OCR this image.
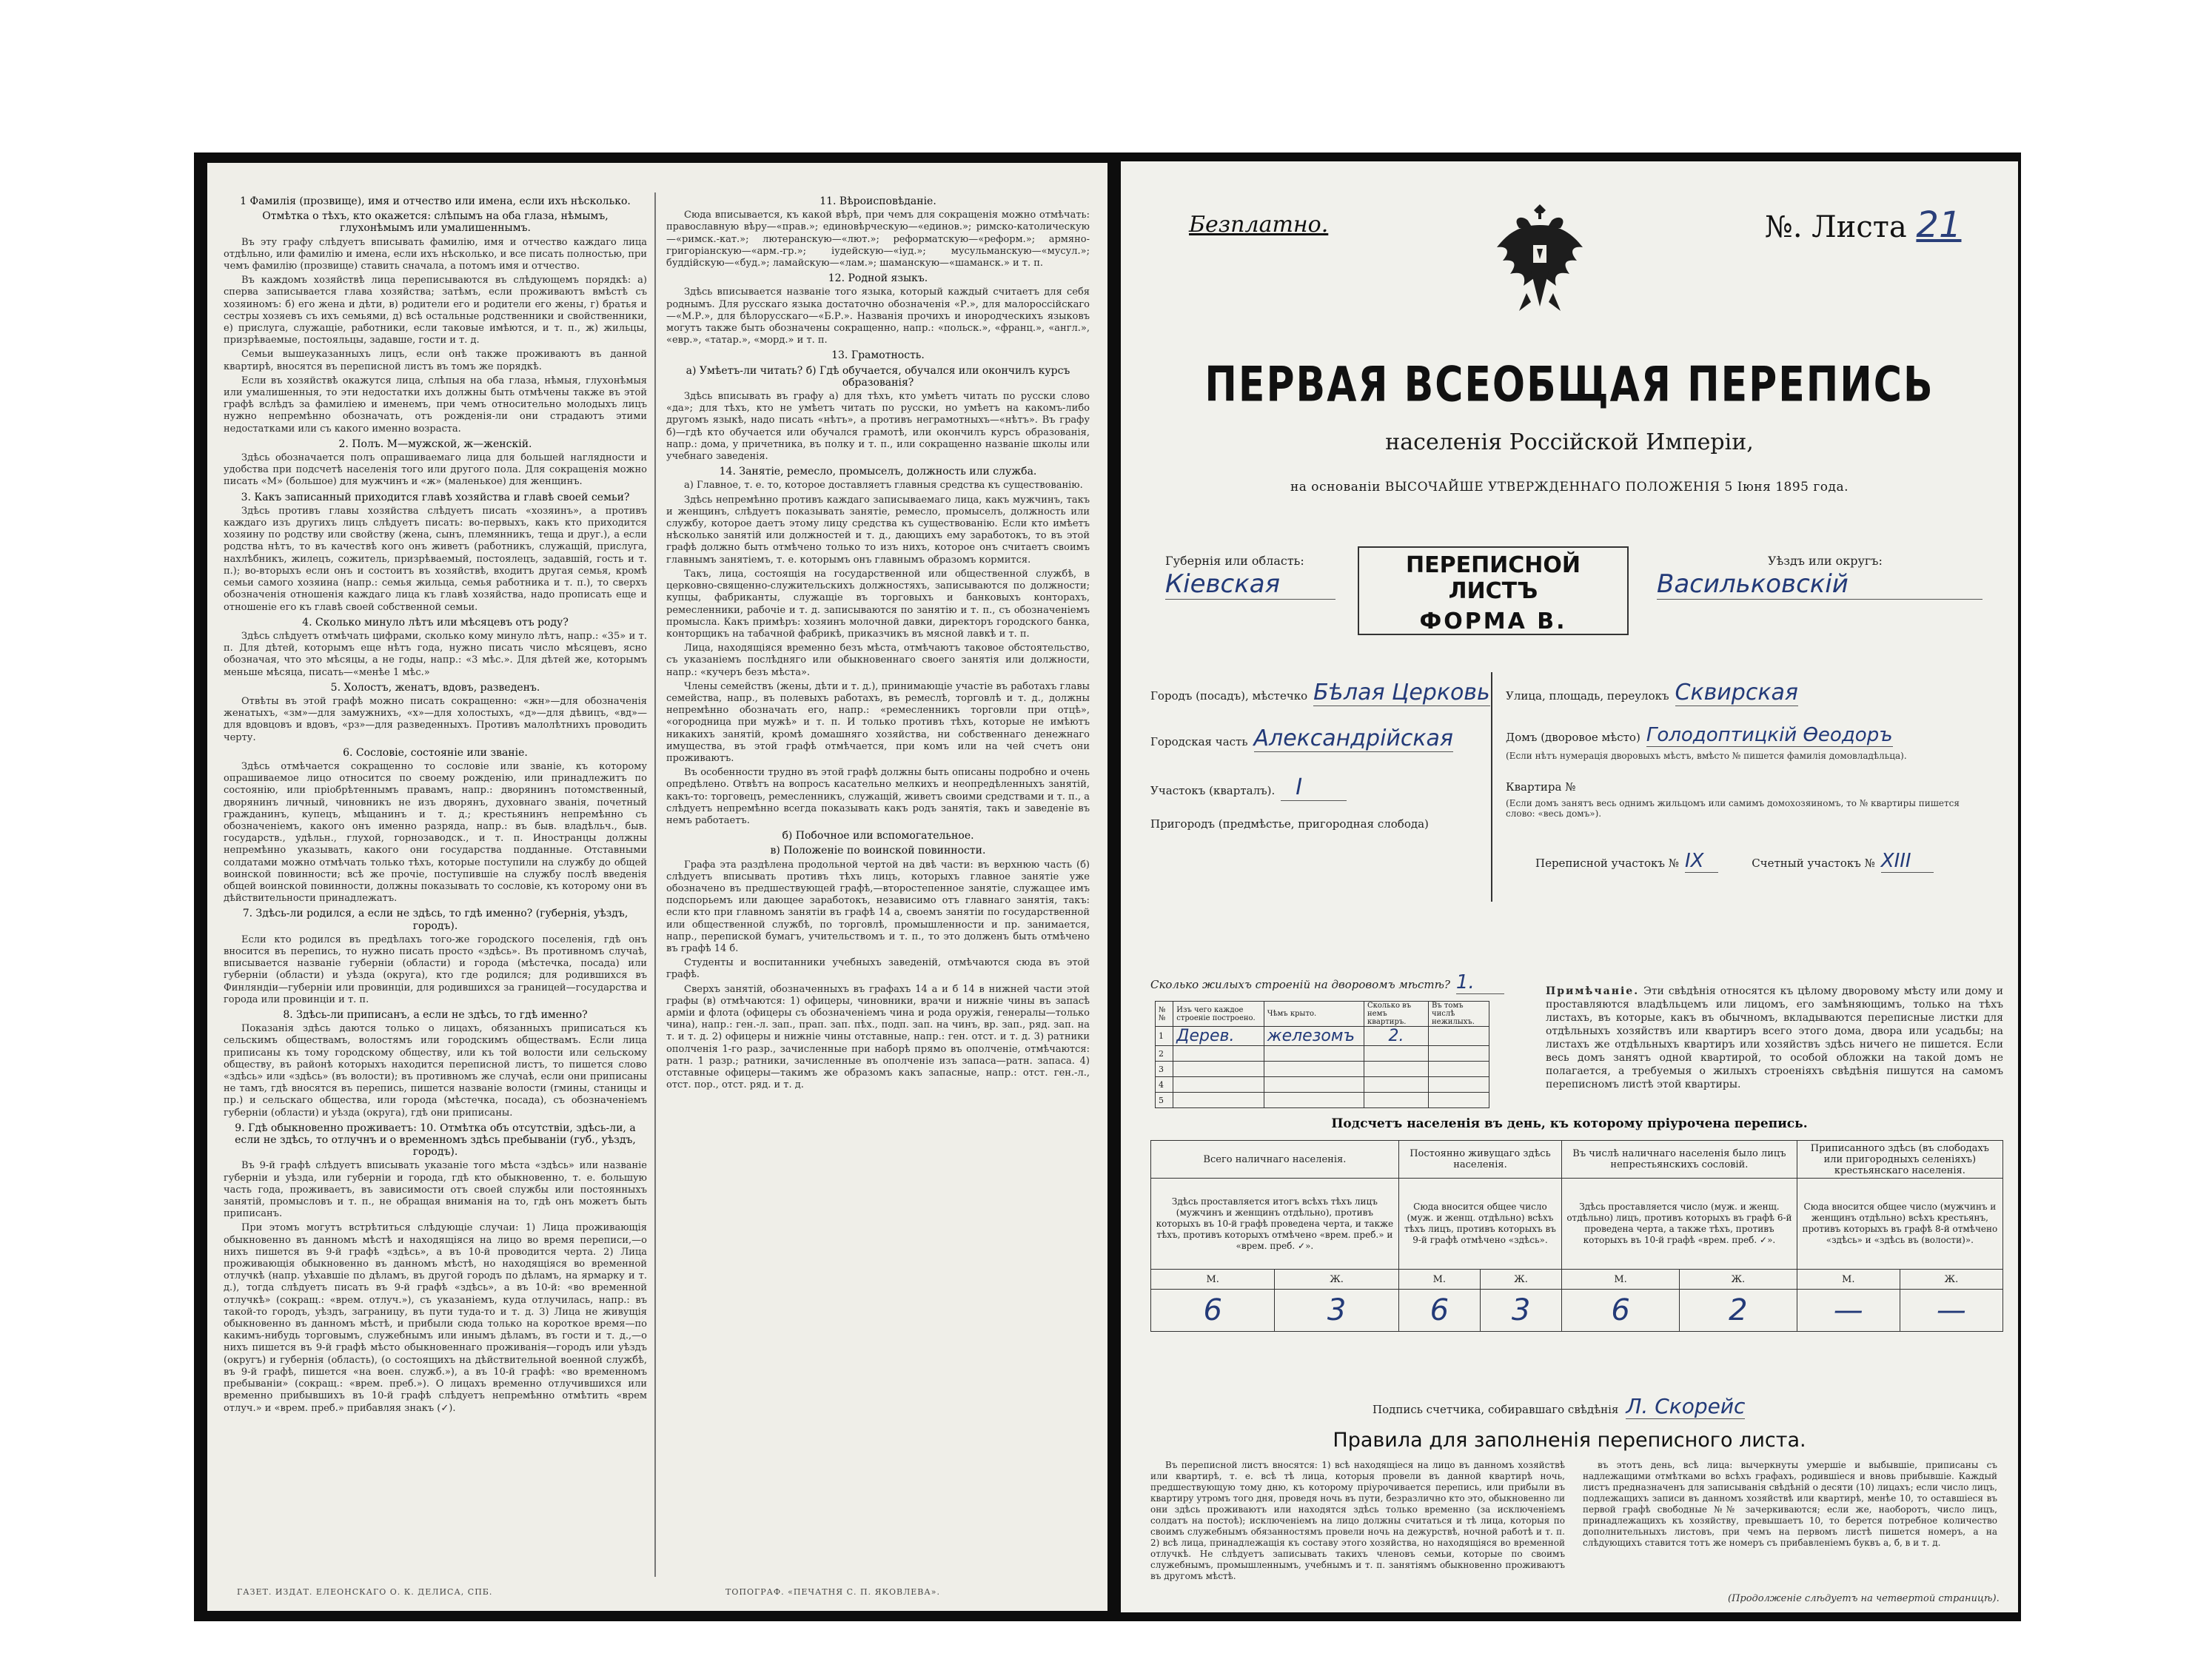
1 Фамилія (прозвище), имя и отчество или имена, если ихъ нѣсколько.

Отмѣтка о тѣхъ, кто окажется: слѣпымъ на оба глаза, нѣмымъ, глухонѣмымъ или умалишеннымъ.

Въ эту графу слѣдуетъ вписывать фамилію, имя и отчество каждаго лица отдѣльно, или фамилію и имена, если ихъ нѣсколько, и все писать полностью, при чемъ фамилію (прозвище) ставить сначала, а потомъ имя и отчество.

Въ каждомъ хозяйствѣ лица переписываются въ слѣдующемъ порядкѣ: а) сперва записывается глава хозяйства; затѣмъ, если проживаютъ вмѣстѣ съ хозяиномъ: б) его жена и дѣти, в) родители его и родители его жены, г) братья и сестры хозяевъ съ ихъ семьями, д) всѣ остальные родственники и свойственники, е) прислуга, служащіе, работники, если таковые имѣются, и т. п., ж) жильцы, призрѣваемые, постояльцы, задавше, гости и т. д.

Семьи вышеуказанныхъ лицъ, если онѣ также проживаютъ въ данной квартирѣ, вносятся въ переписной листъ въ томъ же порядкѣ.

Если въ хозяйствѣ окажутся лица, слѣпыя на оба глаза, нѣмыя, глухонѣмыя или умалишенныя, то эти недостатки ихъ должны быть отмѣчены также въ этой графѣ вслѣдъ за фамиліею и именемъ, при чемъ относительно молодыхъ лицъ нужно непремѣнно обозначать, отъ рожденія-ли они страдаютъ этими недостатками или съ какого именно возраста.

2. Полъ. М—мужской, ж—женскій.

Здѣсь обозначается полъ опрашиваемаго лица для большей наглядности и удобства при подсчетѣ населенія того или другого пола. Для сокращенія можно писать «М» (большое) для мужчинъ и «ж» (маленькое) для женщинъ.

3. Какъ записанный приходится главѣ хозяйства и главѣ своей семьи?

Здѣсь противъ главы хозяйства слѣдуетъ писать «хозяинъ», а противъ каждаго изъ другихъ лицъ слѣдуетъ писать: во-первыхъ, какъ кто приходится хозяину по родству или свойству (жена, сынъ, племянникъ, теща и друг.), а если родства нѣтъ, то въ качествѣ кого онъ живетъ (работникъ, служащій, прислуга, нахлѣбникъ, жилецъ, сожитель, призрѣваемый, постоялецъ, задавшій, гость и т. п.); во-вторыхъ если онъ и состоитъ въ хозяйствѣ, входитъ другая семья, кромѣ семьи самого хозяина (напр.: семья жильца, семья работника и т. п.), то сверхъ обозначенія отношенія каждаго лица къ главѣ хозяйства, надо прописать еще и отношеніе его къ главѣ своей собственной семьи.

4. Сколько минуло лѣтъ или мѣсяцевъ отъ роду?

Здѣсь слѣдуетъ отмѣчать цифрами, сколько кому минуло лѣтъ, напр.: «35» и т. п. Для дѣтей, которымъ еще нѣтъ года, нужно писать число мѣсяцевъ, ясно обозначая, что это мѣсяцы, а не годы, напр.: «3 мѣс.». Для дѣтей же, которымъ меньше мѣсяца, писать—«менѣе 1 мѣс.»

5. Холостъ, женатъ, вдовъ, разведенъ.

Отвѣты въ этой графѣ можно писать сокращенно: «жн»—для обозначенія женатыхъ, «зм»—для замужнихъ, «х»—для холостыхъ, «д»—для дѣвицъ, «вд»—для вдовцовъ и вдовъ, «рз»—для разведенныхъ. Противъ малолѣтнихъ проводить черту.

6. Сословіе, состояніе или званіе.

Здѣсь отмѣчается сокращенно то сословіе или званіе, къ которому опрашиваемое лицо относится по своему рожденію, или принадлежитъ по состоянію, или пріобрѣтеннымъ правамъ, напр.: дворянинъ потомственный, дворянинъ личный, чиновникъ не изъ дворянъ, духовнаго званія, почетный гражданинъ, купецъ, мѣщанинъ и т. д.; крестьянинъ непремѣнно съ обозначеніемъ, какого онъ именно разряда, напр.: въ быв. владѣльч., быв. государств., удѣльн., глухой, горнозаводск., и т. п. Иностранцы должны непремѣнно указывать, какого они государства подданные. Отставными солдатами можно отмѣчать только тѣхъ, которые поступили на службу до общей воинской повинности; всѣ же прочіе, поступившіе на службу послѣ введенія общей воинской повинности, должны показывать то сословіе, къ которому они въ дѣйствительности принадлежатъ.

7. Здѣсь-ли родился, а если не здѣсь, то гдѣ именно? (губернія, уѣздъ, городъ).

Если кто родился въ предѣлахъ того-же городского поселенія, гдѣ онъ вносится въ перепись, то нужно писать просто «здѣсь». Въ противномъ случаѣ, вписывается названіе губерніи (области) и города (мѣстечка, посада) или губерніи (области) и уѣзда (округа), кто где родился; для родившихся въ Финляндіи—губерніи или провинціи, для родившихся за границей—государства и города или провинціи и т. п.

8. Здѣсь-ли приписанъ, а если не здѣсь, то гдѣ именно?

Показанія здѣсь даются только о лицахъ, обязанныхъ приписаться къ сельскимъ обществамъ, волостямъ или городскимъ обществамъ. Если лица приписаны къ тому городскому обществу, или къ той волости или сельскому обществу, въ районѣ которыхъ находится переписной листъ, то пишется слово «здѣсь» или «здѣсь» (въ волости); въ противномъ же случаѣ, если они приписаны не тамъ, гдѣ вносятся въ перепись, пишется названіе волости (гмины, станицы и пр.) и сельскаго общества, или города (мѣстечка, посада), съ обозначеніемъ губерніи (области) и уѣзда (округа), гдѣ они приписаны.

9. Гдѣ обыкновенно проживаетъ: 10. Отмѣтка объ отсутствіи, здѣсь-ли, а если не здѣсь, то отлучнъ и о временномъ здѣсь пребываніи (губ., уѣздъ, городъ).

Въ 9-й графѣ слѣдуетъ вписывать указаніе того мѣста «здѣсь» или названіе губерніи и уѣзда, или губерніи и города, гдѣ кто обыкновенно, т. е. большую часть года, проживаетъ, въ зависимости отъ своей службы или постоянныхъ занятій, промысловъ и т. п., не обращая вниманія на то, гдѣ онъ можетъ быть приписанъ.

При этомъ могутъ встрѣтиться слѣдующіе случаи: 1) Лица проживающія обыкновенно въ данномъ мѣстѣ и находящіяся на лицо во время переписи,—о нихъ пишется въ 9-й графѣ «здѣсь», а въ 10-й проводится черта. 2) Лица проживающія обыкновенно въ данномъ мѣстѣ, но находящіяся во временной отлучкѣ (напр. уѣхавшіе по дѣламъ, въ другой городъ по дѣламъ, на ярмарку и т. д.), тогда слѣдуетъ писать въ 9-й графѣ «здѣсь», а въ 10-й: «во временной отлучкѣ» (сокращ.: «врем. отлуч.»), съ указаніемъ, куда отлучилась, напр.: въ такой-то городъ, уѣздъ, заграницу, въ пути туда-то и т. д. 3) Лица не живущія обыкновенно въ данномъ мѣстѣ, и прибыли сюда только на короткое время—по какимъ-нибудь торговымъ, служебнымъ или инымъ дѣламъ, въ гости и т. д.,—о нихъ пишется въ 9-й графѣ мѣсто обыкновеннаго проживанія—городъ или уѣздъ (округъ) и губернія (область), (о состоящихъ на дѣйствительной военной службѣ, въ 9-й графѣ, пишется «на воен. служб.»), а въ 10-й графѣ: «во временномъ пребываніи» (сокращ.: «врем. преб.»). О лицахъ временно отлучившихся или временно прибывшихъ въ 10-й графѣ слѣдуетъ непремѣнно отмѣтить «врем отлуч.» и «врем. преб.» прибавляя знакъ (✓).

11. Вѣроисповѣданіе.

Сюда вписывается, къ какой вѣрѣ, при чемъ для сокращенія можно отмѣчать: православную вѣру—«прав.»; единовѣрческую—«единов.»; римско-католическую—«римск.-кат.»; лютеранскую—«лют.»; реформатскую—«реформ.»; армяно-григоріанскую—«арм.-гр.»; іудейскую—«іуд.»; мусульманскую—«мусул.»; буддійскую—«буд.»; ламайскую—«лам.»; шаманскую—«шаманск.» и т. п.

12. Родной языкъ.

Здѣсь вписывается названіе того языка, который каждый считаетъ для себя роднымъ. Для русскаго языка достаточно обозначенія «Р.», для малороссійскаго—«М.Р.», для бѣлорусскаго—«Б.Р.». Названія прочихъ и инородческихъ языковъ могутъ также быть обозначены сокращенно, напр.: «польск.», «франц.», «англ.», «евр.», «татар.», «морд.» и т. п.

13. Грамотность.

а) Умѣетъ-ли читать? б) Гдѣ обучается, обучался или окончилъ курсъ образованія?

Здѣсь вписывать въ графу а) для тѣхъ, кто умѣетъ читать по русски слово «да»; для тѣхъ, кто не умѣетъ читать по русски, но умѣетъ на какомъ-либо другомъ языкѣ, надо писать «нѣтъ», а противъ неграмотныхъ—«нѣтъ». Въ графу б)—гдѣ кто обучается или обучался грамотѣ, или окончилъ курсъ образованія, напр.: дома, у причетника, въ полку и т. п., или сокращенно названіе школы или учебнаго заведенія.

14. Занятіе, ремесло, промыселъ, должность или служба.

а) Главное, т. е. то, которое доставляетъ главныя средства къ существованію.

Здѣсь непремѣнно противъ каждаго записываемаго лица, какъ мужчинъ, такъ и женщинъ, слѣдуетъ показывать занятіе, ремесло, промыселъ, должность или службу, которое даетъ этому лицу средства къ существованію. Если кто имѣетъ нѣсколько занятій или должностей и т. д., дающихъ ему заработокъ, то въ этой графѣ должно быть отмѣчено только то изъ нихъ, которое онъ считаетъ своимъ главнымъ занятіемъ, т. е. которымъ онъ главнымъ образомъ кормится.

Такъ, лица, состоящія на государственной или общественной службѣ, в церковно-священно-служительскихъ должностяхъ, записываются по должности; купцы, фабриканты, служащіе въ торговыхъ и банковыхъ конторахъ, ремесленники, рабочіе и т. д. записываются по занятію и т. п., съ обозначеніемъ промысла. Какъ примѣръ: хозяинъ молочной давки, директоръ городского банка, конторщикъ на табачной фабрикѣ, приказчикъ въ мясной лавкѣ и т. п.

Лица, находящіяся временно безъ мѣста, отмѣчаютъ таковое обстоятельство, съ указаніемъ послѣдняго или обыкновеннаго своего занятія или должности, напр.: «кучеръ безъ мѣста».

Члены семействъ (жены, дѣти и т. д.), принимающіе участіе въ работахъ главы семейства, напр., въ полевыхъ работахъ, въ ремеслѣ, торговлѣ и т. д., должны непремѣнно обозначать его, напр.: «ремесленникъ торговли при отцѣ», «огородница при мужѣ» и т. п. И только противъ тѣхъ, которые не имѣютъ никакихъ занятій, кромѣ домашняго хозяйства, ни собственнаго денежнаго имущества, въ этой графѣ отмѣчается, при комъ или на чей счетъ они проживаютъ.

Въ особенности трудно въ этой графѣ должны быть описаны подробно и очень опредѣлено. Отвѣтъ на вопросъ касательно мелкихъ и неопредѣленныхъ занятій, какъ-то: торговецъ, ремесленникъ, служащій, живетъ своими средствами и т. п., а слѣдуетъ непремѣнно всегда показывать какъ родъ занятія, такъ и заведеніе въ немъ работаетъ.

б) Побочное или вспомогательное.

в) Положеніе по воинской повинности.

Графа эта раздѣлена продольной чертой на двѣ части: въ верхнюю часть (б) слѣдуетъ вписывать противъ тѣхъ лицъ, которыхъ главное занятіе уже обозначено въ предшествующей графѣ,—второстепенное занятіе, служащее имъ подспорьемъ или дающее заработокъ, независимо отъ главнаго занятія, такъ: если кто при главномъ занятіи въ графѣ 14 а, своемъ занятіи по государственной или общественной службѣ, по торговлѣ, промышленности и пр. занимается, напр., перепиской бумагъ, учительствомъ и т. п., то это долженъ быть отмѣчено въ графѣ 14 б.

Студенты и воспитанники учебныхъ заведеній, отмѣчаются сюда въ этой графѣ.

Сверхъ занятій, обозначенныхъ въ графахъ 14 а и б 14 в нижней части этой графы (в) отмѣчаются: 1) офицеры, чиновники, врачи и нижніе чины въ запасѣ арміи и флота (офицеры съ обозначеніемъ чина и рода оружія, генералы—только чина), напр.: ген.-л. зап., прап. зап. пѣх., подп. зап. на чинъ, вр. зап., ряд. зап. на т. и т. д. 2) офицеры и нижніе чины отставные, напр.: ген. отст. и т. д. 3) ратники ополченія 1-го разр., зачисленные при наборѣ прямо въ ополченіе, отмѣчаются: ратн. 1 разр.; ратники, зачисленные въ ополченіе изъ запаса—ратн. запаса. 4) отставные офицеры—такимъ же образомъ какъ запасные, напр.: отст. ген.-л., отст. пор., отст. ряд. и т. д.

ГАЗЕТ. ИЗДАТ. ЕЛЕОНСКАГО О. К. ДЕЛИСА, СПБ.	ТОПОГРАФ. «ПЕЧАТНЯ С. П. ЯКОВЛЕВА».
Безплатно.	№. Листа 21
ПЕРВАЯ ВСЕОБЩАЯ ПЕРЕПИСЬ
населенія Россійской Имперіи,
на основаніи ВЫСОЧАЙШЕ УТВЕРЖДЕННАГО ПОЛОЖЕНІЯ 5 Іюня 1895 года.
ПЕРЕПИСНОЙ ЛИСТЪ
ФОРМА В.
Губернія или область:
Кіевская
Уѣздъ или округъ:
Васильковскій
Городъ (посадъ), мѣстечко Бѣлая Церковь
Городская часть Александрійская
Участокъ (кварталъ). I
Пригородъ (предмѣстье, пригородная слобода)
Улица, площадь, переулокъ Сквирская
Домъ (дворовое мѣсто) Голодоптицкій Ѳеодоръ
(Если нѣтъ нумерація дворовыхъ мѣстъ, вмѣсто № пишется фамилія домовладѣльца).
Квартира №
(Если домъ занятъ весь однимъ жильцомъ или самимъ домохозяиномъ, то № квартиры пишется слово: «весь домъ»).
Переписной участокъ № IX	Счетный участокъ № XIII
Сколько жилыхъ строеній на дворовомъ мѣстѣ? 1.
№№	Изъ чего каждое строеніе построено.	Чѣмъ крыто.	Сколько въ немъ квартиръ.	Въ томъ числѣ нежилыхъ.
1	Дерев.	железомъ	2.	
2				
3				
4				
5				
Примѣчаніе. Эти свѣдѣнія относятся къ цѣлому дворовому мѣсту или дому и проставляются владѣльцемъ или лицомъ, его замѣняющимъ, только на тѣхъ листахъ, въ которые, какъ въ обычномъ, вкладываются переписные листки для отдѣльныхъ хозяйствъ или квартиръ всего этого дома, двора или усадьбы; на листахъ же отдѣльныхъ квартиръ или хозяйствъ здѣсь ничего не пишется. Если весь домъ занятъ одной квартирой, то особой обложки на такой домъ не полагается, а требуемыя о жилыхъ строеніяхъ свѣдѣнія пишутся на самомъ переписномъ листѣ этой квартиры.
Подсчетъ населенія въ день, къ которому пріурочена перепись.
Всего наличнаго населенія.		Постоянно живущаго здѣсь населенія.		Въ числѣ наличнаго населенія было лицъ непрестьянскихъ сословій.		Приписанного здѣсь (въ слободахъ или пригородныхъ селеніяхъ) крестьянскаго населенія.	
Здѣсь проставляется итогъ всѣхъ тѣхъ лицъ (мужчинъ и женщинъ отдѣльно), противъ которыхъ въ 10-й графѣ проведена черта, и также тѣхъ, противъ которыхъ отмѣчено «врем. преб.» и «врем. преб. ✓».		Сюда вносится общее число (муж. и женщ. отдѣльно) всѣхъ тѣхъ лицъ, противъ которыхъ въ 9-й графѣ отмѣчено «здѣсь».		Здѣсь проставляется число (муж. и женщ. отдѣльно) лицъ, противъ которыхъ въ графѣ 6-й проведена черта, а также тѣхъ, противъ которыхъ въ 10-й графѣ «врем. преб. ✓».		Сюда вносится общее число (мужчинъ и женщинъ отдѣльно) всѣхъ крестьянъ, противъ которыхъ въ графѣ 8-й отмѣчено «здѣсь» и «здѣсь въ (волости)».	
М.	Ж.	М.	Ж.	М.	Ж.	М.	Ж.
6	3	6	3	6	2	—	—
Подпись счетчика, собиравшаго свѣдѣнія Л. Скорейс
Правила для заполненія переписного листа.

Въ переписной листъ вносятся: 1) всѣ находящіеся на лицо въ данномъ хозяйствѣ или квартирѣ, т. е. всѣ тѣ лица, которыя провели въ данной квартирѣ ночь, предшествующую тому дню, къ которому пріурочивается перепись, или прибыли въ квартиру утромъ того дня, проведя ночь въ пути, безразлично кто это, обыкновенно ли они здѣсь проживаютъ или находятся здѣсь только временно (за исключеніемъ солдатъ на постоѣ); исключеніемъ на лицо должны считаться и тѣ лица, которыя по своимъ служебнымъ обязанностямъ провели ночь на дежурствѣ, ночной работѣ и т. п. 2) всѣ лица, принадлежащія къ составу этого хозяйства, но находящіяся во временной отлучкѣ. Не слѣдуетъ записывать такихъ членовъ семьи, которые по своимъ служебнымъ, промышленнымъ, учебнымъ и т. п. занятіямъ обыкновенно проживаютъ въ другомъ мѣстѣ.

въ этотъ день, всѣ лица: вычеркнуты умершіе и выбывшіе, приписаны съ надлежащими отмѣтками во всѣхъ графахъ, родившіеся и вновь прибывшіе. Каждый листъ предназначенъ для записыванія свѣдѣній о десяти (10) лицахъ; если число лицъ, подлежащихъ записи въ данномъ хозяйствѣ или квартирѣ, менѣе 10, то оставшіеся въ первой графѣ свободные №№ зачеркиваются; если же, наоборотъ, число лицъ, принадлежащихъ къ хозяйству, превышаетъ 10, то берется потребное количество дополнительныхъ листовъ, при чемъ на первомъ листѣ пишется номеръ, а на слѣдующихъ ставится тотъ же номеръ съ прибавленіемъ буквъ а, б, в и т. д.

(Продолженіе слѣдуетъ на четвертой страницѣ).
